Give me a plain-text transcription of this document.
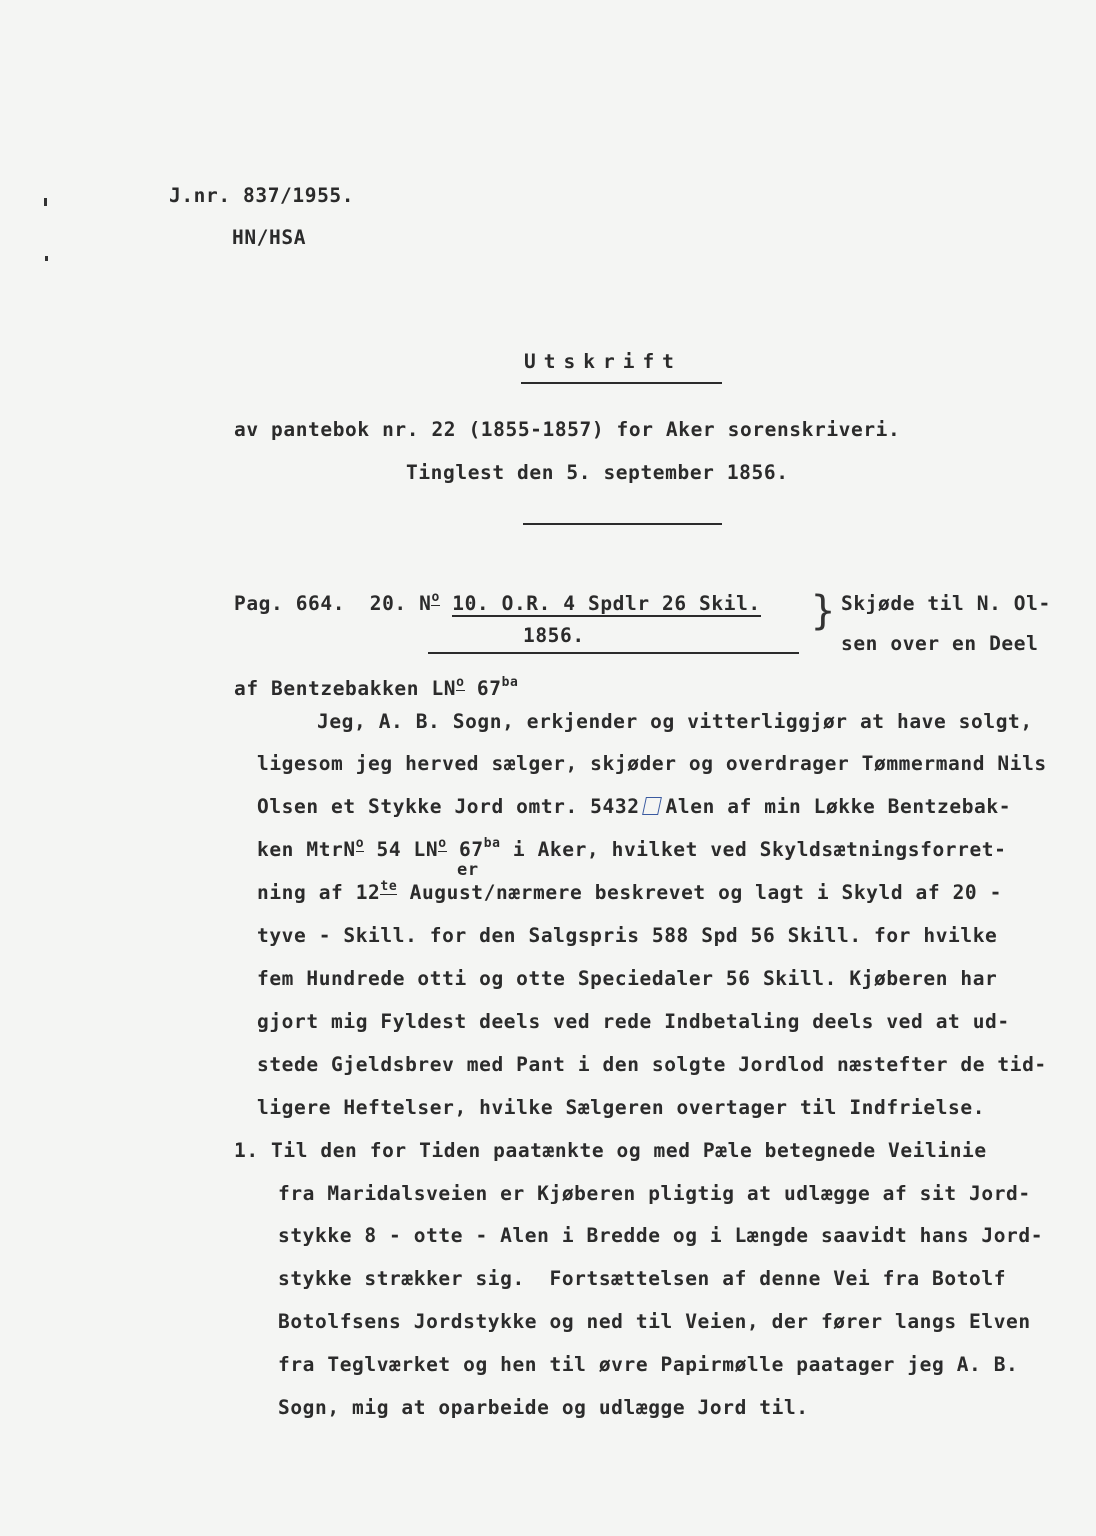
J.nr. 837/1955.
HN/HSA
Utskrift
av pantebok nr. 22 (1855-1857) for Aker sorenskriveri.
Tinglest den 5. september 1856.
Pag. 664. 20. $N^o$ 10. O.R. 4 Spdlr 26 Skil.
1856.
} Skjøde til N. Ol-
sen over en Deel
af Bentzebakken $LN^o$ $67^{ba}$
Jeg, A. B. Sogn, erkjender og vitterliggjør at have solgt,
ligesom jeg herved sælger, skjøder og overdrager Tømmermand Nils
Olsen et Stykke Jord omtr. 5432 Alen af min Løkke Bentzebak-
ken MtrN$^o$ 54 $LN^o$ $67^{ba}$ i Aker, hvilket ved Skyldsætningsforret-
er
ning af $12^{te}$ August/nærmere beskrevet og lagt i Skyld af 20 -
tyve - Skill. for den Salgspris 588 Spd 56 Skill. for hvilke
fem Hundrede otti og otte Speciedaler 56 Skill. Kjøberen har
gjort mig Fyldest deels ved rede Indbetaling deels ved at ud-
stede Gjeldsbrev med Pant i den solgte Jordlod næstefter de tid-
ligere Heftelser, hvilke Sælgeren overtager til Indfrielse.
1. Til den for Tiden paatænkte og med Pæle betegnede Veilinie
fra Maridalsveien er Kjøberen pligtig at udlægge af sit Jord-
stykke 8 - otte - Alen i Bredde og i Længde saavidt hans Jord-
stykke strækker sig.  Fortsættelsen af denne Vei fra Botolf
Botolfsens Jordstykke og ned til Veien, der fører langs Elven
fra Teglværket og hen til øvre Papirmølle paatager jeg A. B.
Sogn, mig at oparbeide og udlægge Jord til.
